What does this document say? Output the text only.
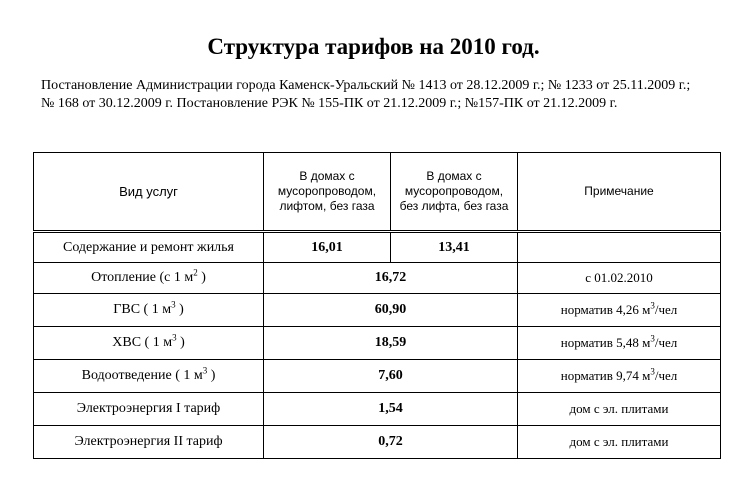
Структура тарифов на 2010 год.
Постановление Администрации города Каменск-Уральский № 1413 от 28.12.2009 г.; № 1233 от 25.11.2009 г.; № 168 от 30.12.2009 г. Постановление РЭК № 155-ПК от 21.12.2009 г.; №157-ПК от 21.12.2009 г.
Вид услуг	В домах с мусоропроводом, лифтом, без газа	В домах с мусоропроводом, без лифта, без газа	Примечание
Содержание и ремонт жилья	16,01	13,41	
Отопление (с 1 $м^2$ )	16,72		с 01.02.2010
ГВС ( 1 $м^3$ )	60,90		норматив 4,26 $м^3$/чел
ХВС ( 1 $м^3$ )	18,59		норматив 5,48 $м^3$/чел
Водоотведение ( 1 $м^3$ )	7,60		норматив 9,74 $м^3$/чел
Электроэнергия I тариф	1,54		дом с эл. плитами
Электроэнергия II тариф	0,72		дом с эл. плитами
